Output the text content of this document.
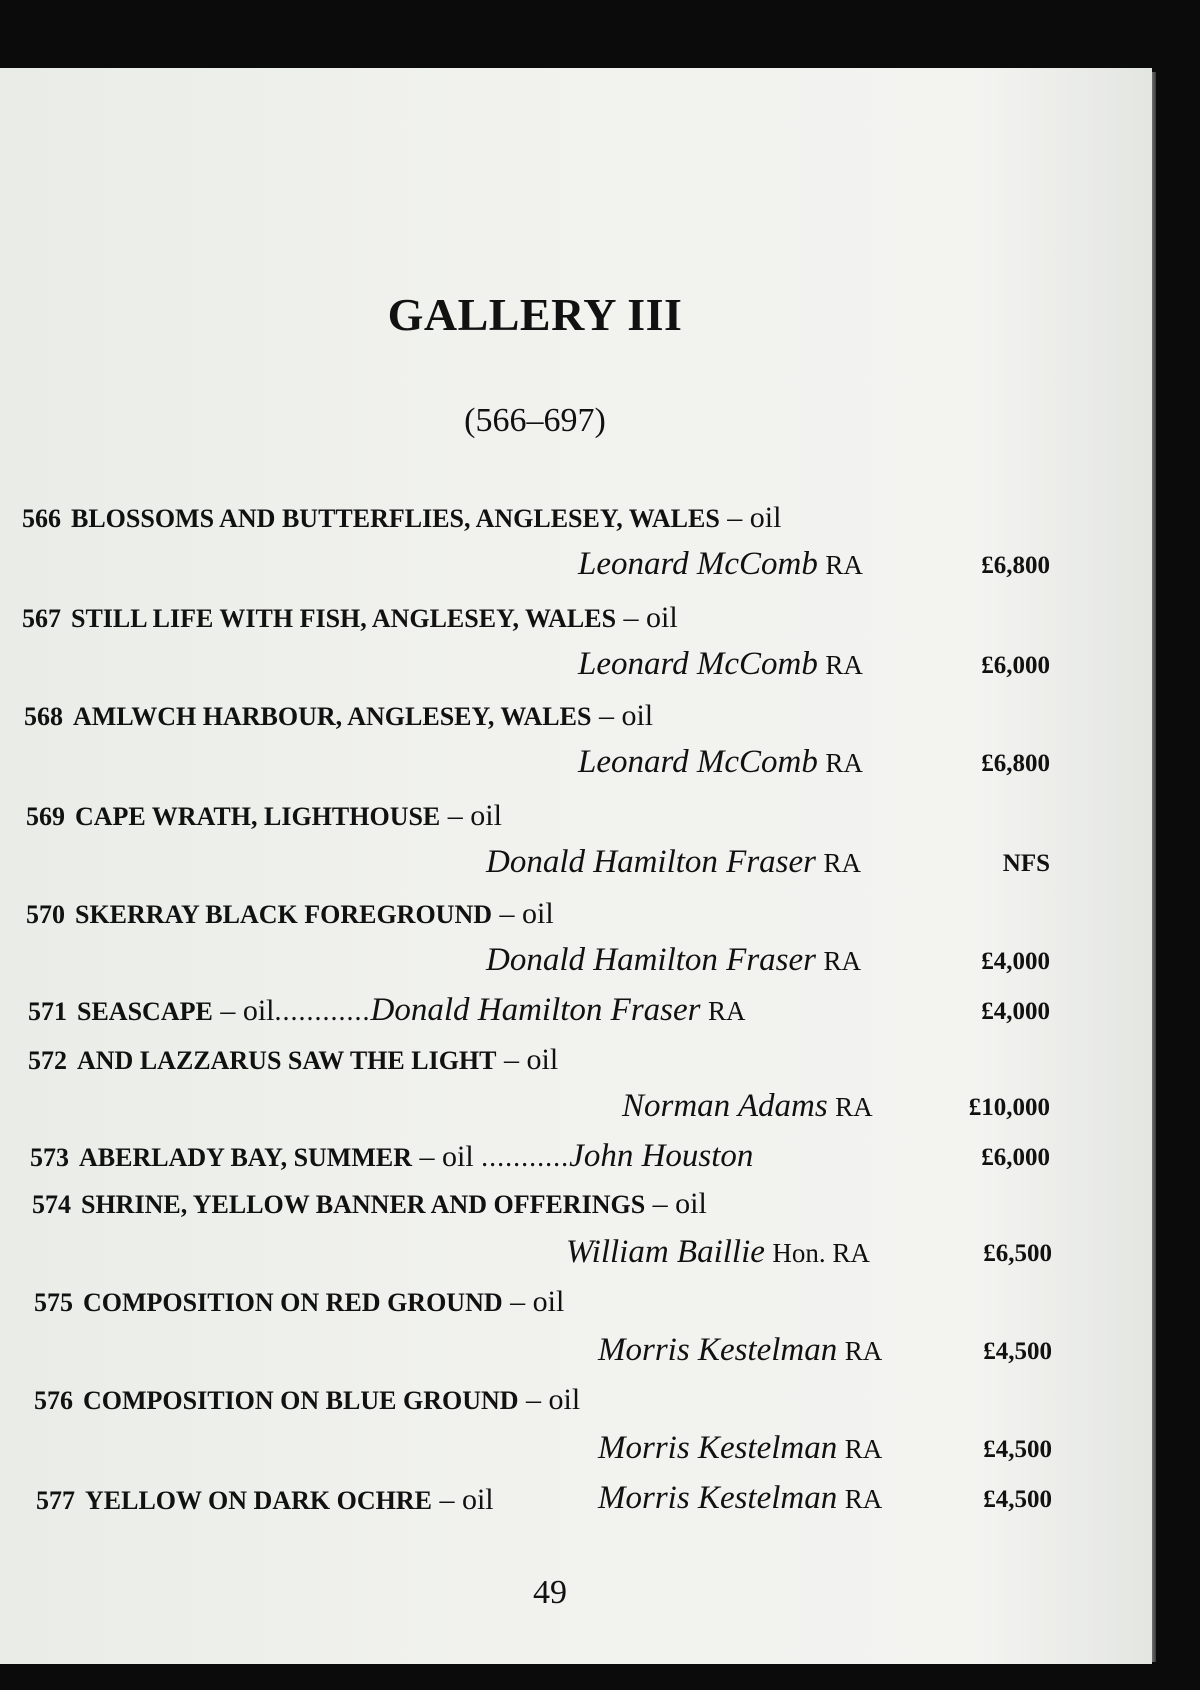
GALLERY III
(566–697)
566 BLOSSOMS AND BUTTERFLIES, ANGLESEY, WALES – oil
Leonard McComb RA	£6,800
567 STILL LIFE WITH FISH, ANGLESEY, WALES – oil
Leonard McComb RA	£6,000
568 AMLWCH HARBOUR, ANGLESEY, WALES – oil
Leonard McComb RA	£6,800
569 CAPE WRATH, LIGHTHOUSE – oil
Donald Hamilton Fraser RA	NFS
570 SKERRAY BLACK FOREGROUND – oil
Donald Hamilton Fraser RA	£4,000
571 SEASCAPE – oil............Donald Hamilton Fraser RA	£4,000
572 AND LAZZARUS SAW THE LIGHT – oil
Norman Adams RA	£10,000
573 ABERLADY BAY, SUMMER – oil ...........John Houston	£6,000
574 SHRINE, YELLOW BANNER AND OFFERINGS – oil
William Baillie Hon. RA	£6,500
575 COMPOSITION ON RED GROUND – oil
Morris Kestelman RA	£4,500
576 COMPOSITION ON BLUE GROUND – oil
Morris Kestelman RA	£4,500
577 YELLOW ON DARK OCHRE – oil	Morris Kestelman RA	£4,500
49
